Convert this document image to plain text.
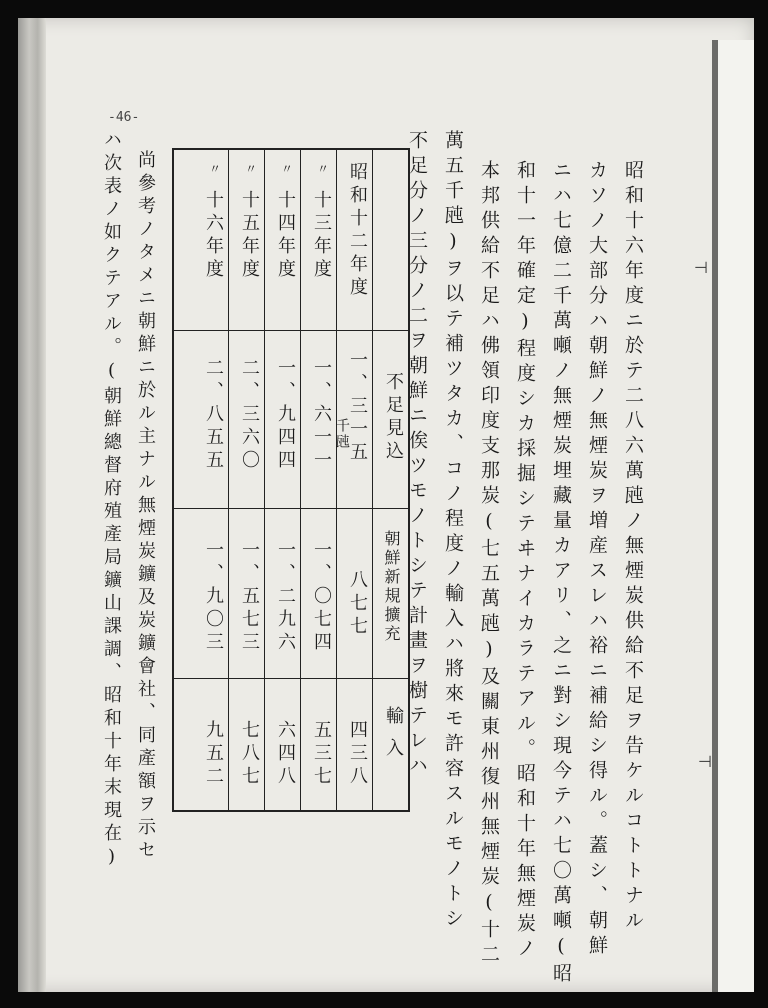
-46-
昭和十六年度ニ於テ二八六萬瓲ノ無煙炭供給不足ヲ告ケルコトトナル
カソノ大部分ハ朝鮮ノ無煙炭ヲ増産スレハ裕ニ補給シ得ル。蓋シ、朝鮮
ニハ七億二千萬噸ノ無煙炭埋藏量カアリ、之ニ對シ現今テハ七〇萬噸(昭
和十一年確定)程度シカ採掘シテヰナイカラテアル。昭和十年無煙炭ノ
本邦供給不足ハ佛領印度支那炭(七五萬瓲)及關東州復州無煙炭(十二
萬五千瓲)ヲ以テ補ツタカ、コノ程度ノ輸入ハ將來モ許容スルモノトシ
不足分ノ三分ノ二ヲ朝鮮ニ俟ツモノトシテ計畫ヲ樹テレハ
不足見込
朝鮮新規擴充
輸入
昭和十二年度
〃
十三年度
〃
十四年度
〃
十五年度
〃
十六年度
一、三一五
千瓲
一、六一一
一、九四四
二、三六〇
二、八五五
八七七
一、〇七四
一、二九六
一、五七三
一、九〇三
四三八
五三七
六四八
七八七
九五二
尚參考ノタメニ朝鮮ニ於ル主ナル無煙炭鑛及炭鑛會社、同產額ヲ示セ
ハ次表ノ如クテアル。(朝鮮總督府殖產局鑛山課調、昭和十年末現在)	⊣
⊣
